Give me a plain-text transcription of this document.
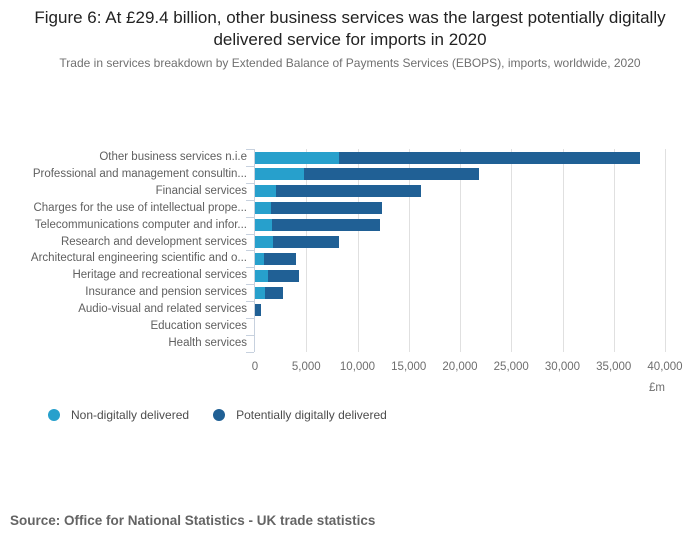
Figure 6: At £29.4 billion, other business services was the largest potentially digitally delivered service for imports in 2020
Trade in services breakdown by Extended Balance of Payments Services (EBOPS), imports, worldwide, 2020
Other business services n.i.e
Professional and management consultin...
Financial services
Charges for the use of intellectual prope...
Telecommunications computer and infor...
Research and development services
Architectural engineering scientific and o...
Heritage and recreational services
Insurance and pension services
Audio-visual and related services
Education services
Health services
0	5,000 10,000 15,000 20,000 25,000 30,000 35,000 40,000
£m
Non-digitally delivered	Potentially digitally delivered
Source: Office for National Statistics - UK trade statistics
